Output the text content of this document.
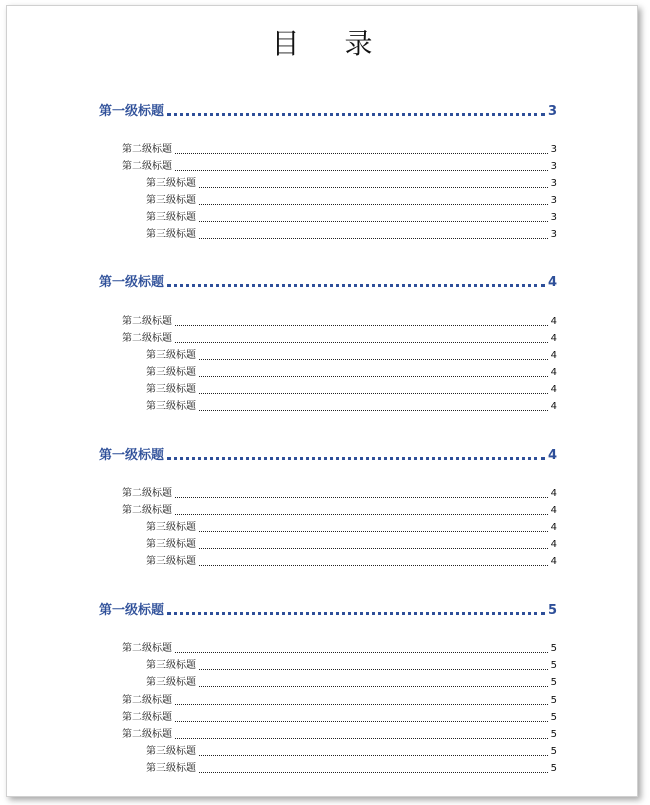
目 录
第一级标题	3
第二级标题	3
第二级标题	3
第三级标题	3
第三级标题	3
第三级标题	3
第三级标题	3
第一级标题	4
第二级标题	4
第二级标题	4
第三级标题	4
第三级标题	4
第三级标题	4
第三级标题	4
第一级标题	4
第二级标题	4
第二级标题	4
第三级标题	4
第三级标题	4
第三级标题	4
第一级标题	5
第二级标题	5
第三级标题	5
第三级标题	5
第二级标题	5
第二级标题	5
第二级标题	5
第三级标题	5
第三级标题	5
